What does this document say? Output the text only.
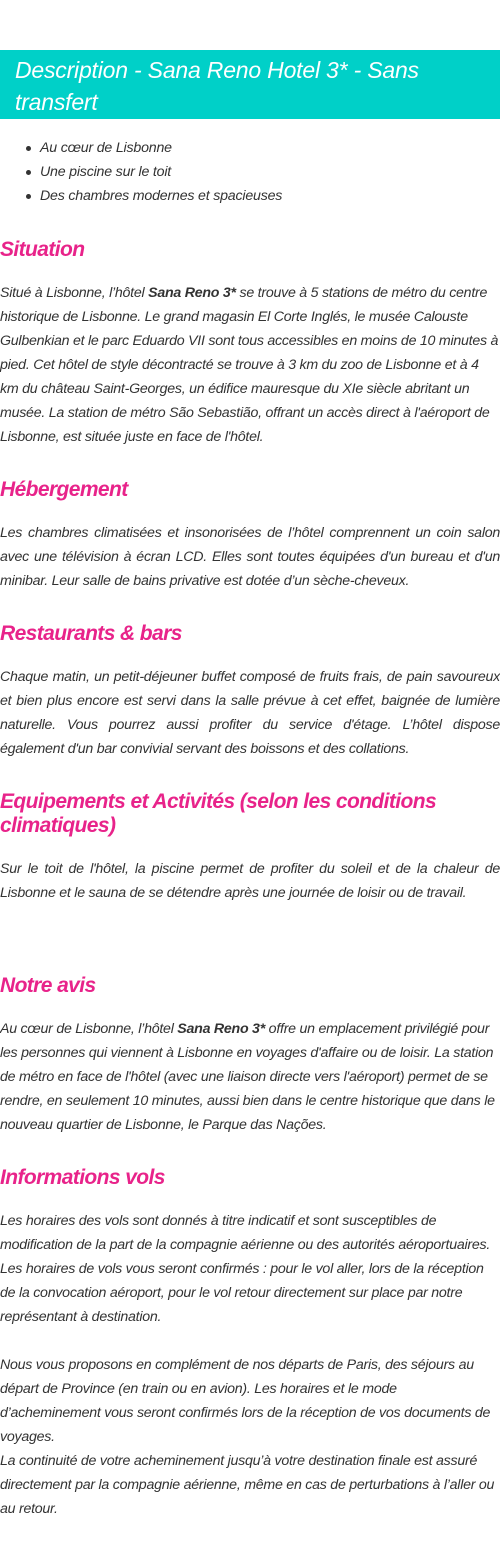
Description - Sana Reno Hotel 3* - Sans transfert
Au cœur de Lisbonne
Une piscine sur le toit
Des chambres modernes et spacieuses
Situation

Situé à Lisbonne, l’hôtel Sana Reno 3* se trouve à 5 stations de métro du centre historique de Lisbonne. Le grand magasin El Corte Inglés, le musée Calouste Gulbenkian et le parc Eduardo VII sont tous accessibles en moins de 10 minutes à pied. Cet hôtel de style décontracté se trouve à 3 km du zoo de Lisbonne et à 4 km du château Saint-Georges, un édifice mauresque du XIe siècle abritant un musée. La station de métro São Sebastião, offrant un accès direct à l'aéroport de Lisbonne, est située juste en face de l'hôtel.

Hébergement

Les chambres climatisées et insonorisées de l’hôtel comprennent un coin salon avec une télévision à écran LCD. Elles sont toutes équipées d'un bureau et d'un minibar. Leur salle de bains privative est dotée d’un sèche-cheveux.

Restaurants & bars

Chaque matin, un petit-déjeuner buffet composé de fruits frais, de pain savoureux et bien plus encore est servi dans la salle prévue à cet effet, baignée de lumière naturelle. Vous pourrez aussi profiter du service d'étage. L’hôtel dispose également d'un bar convivial servant des boissons et des collations.

Equipements et Activités (selon les conditions climatiques)

Sur le toit de l'hôtel, la piscine permet de profiter du soleil et de la chaleur de Lisbonne et le sauna de se détendre après une journée de loisir ou de travail.

Notre avis

Au cœur de Lisbonne, l’hôtel Sana Reno 3* offre un emplacement privilégié pour les personnes qui viennent à Lisbonne en voyages d'affaire ou de loisir. La station de métro en face de l'hôtel (avec une liaison directe vers l'aéroport) permet de se rendre, en seulement 10 minutes, aussi bien dans le centre historique que dans le nouveau quartier de Lisbonne, le Parque das Nações.

Informations vols

Les horaires des vols sont donnés à titre indicatif et sont susceptibles de modification de la part de la compagnie aérienne ou des autorités aéroportuaires.

Les horaires de vols vous seront confirmés : pour le vol aller, lors de la réception de la convocation aéroport, pour le vol retour directement sur place par notre représentant à destination.

Nous vous proposons en complément de nos départs de Paris, des séjours au départ de Province (en train ou en avion). Les horaires et le mode d’acheminement vous seront confirmés lors de la réception de vos documents de voyages.

La continuité de votre acheminement jusqu’à votre destination finale est assuré directement par la compagnie aérienne, même en cas de perturbations à l’aller ou au retour.
